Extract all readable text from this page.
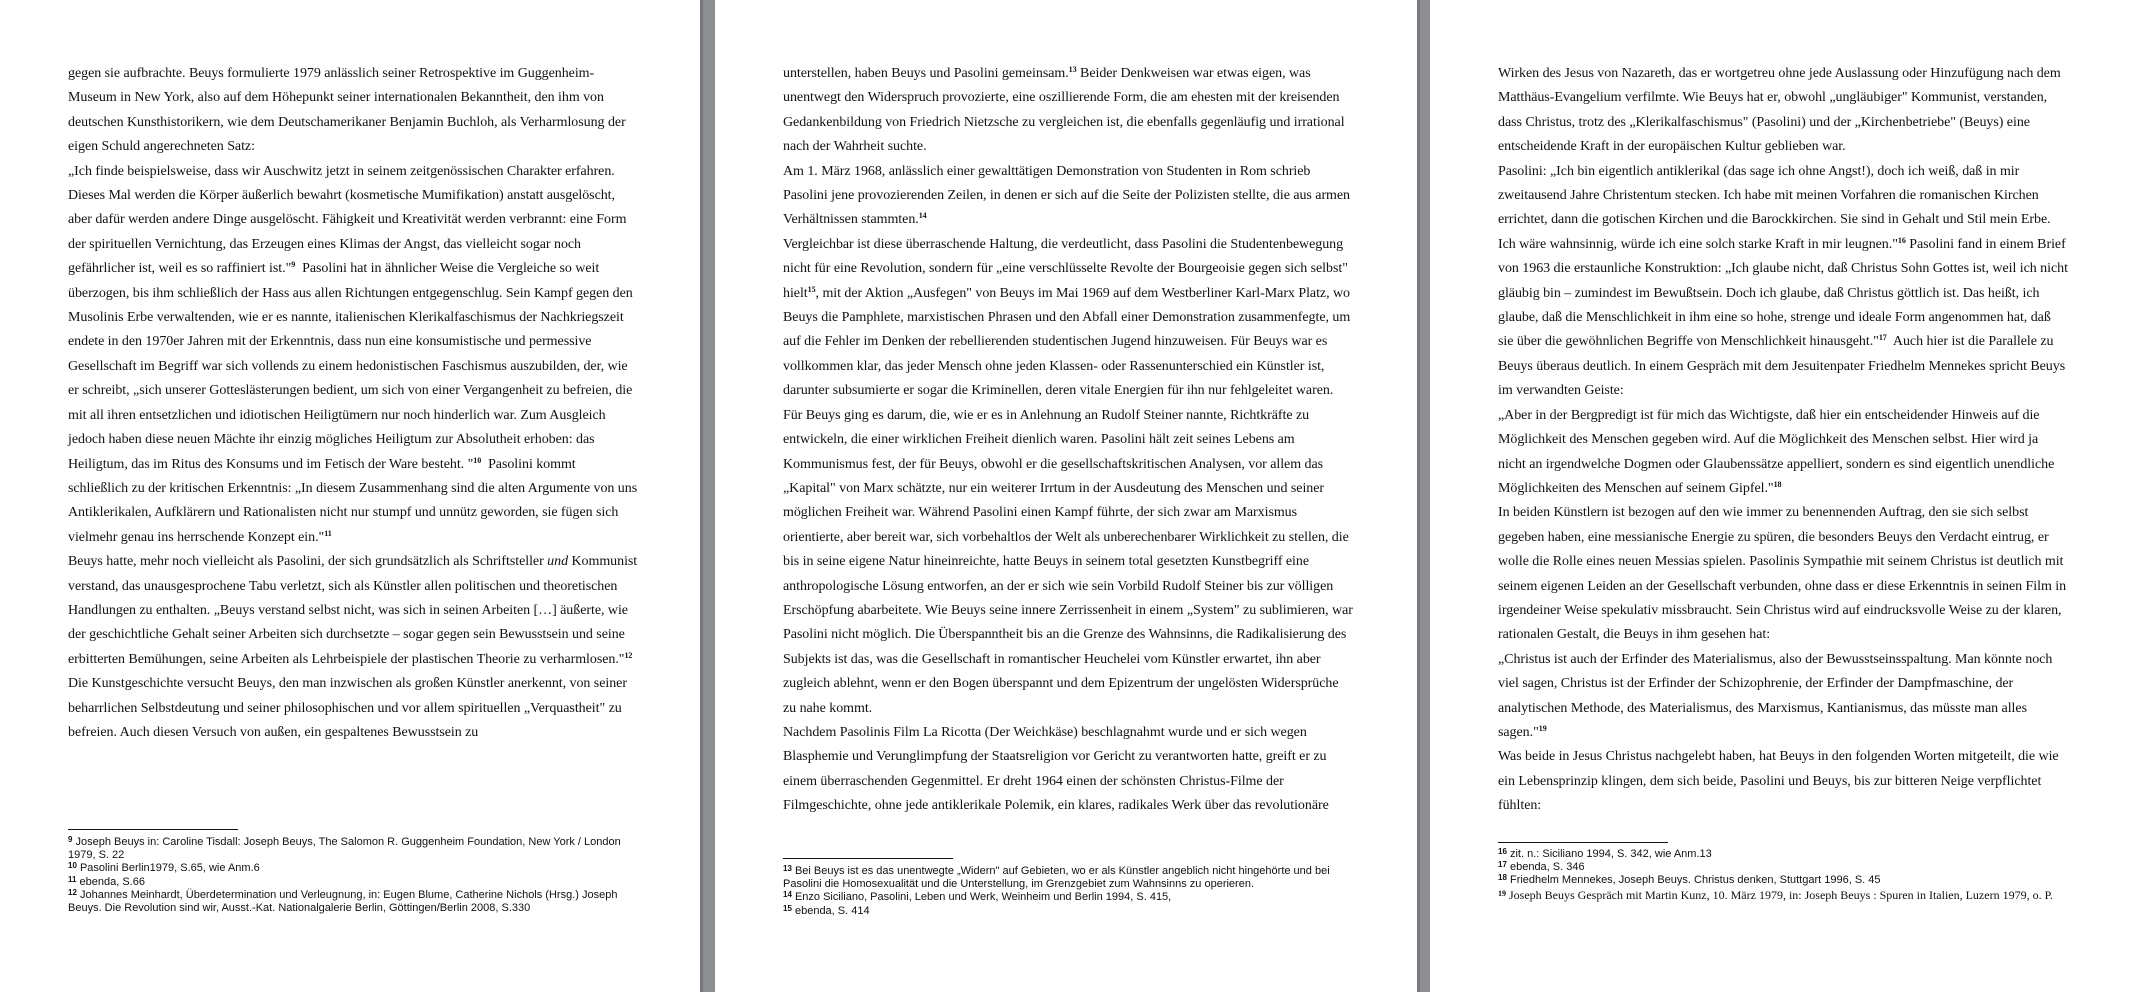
gegen sie aufbrachte. Beuys formulierte 1979 anlässlich seiner Retrospektive im Guggenheim-Museum in New York, also auf dem Höhepunkt seiner internationalen Bekanntheit, den ihm von deutschen Kunsthistorikern, wie dem Deutschamerikaner Benjamin Buchloh, als Verharmlosung der eigen Schuld angerechneten Satz:

„Ich finde beispielsweise, dass wir Auschwitz jetzt in seinem zeitgenössischen Charakter erfahren. Dieses Mal werden die Körper äußerlich bewahrt (kosmetische Mumifikation) anstatt ausgelöscht, aber dafür werden andere Dinge ausgelöscht. Fähigkeit und Kreativität werden verbrannt: eine Form der spirituellen Vernichtung, das Erzeugen eines Klimas der Angst, das vielleicht sogar noch gefährlicher ist, weil es so raffiniert ist."$^9$ Pasolini hat in ähnlicher Weise die Vergleiche so weit überzogen, bis ihm schließlich der Hass aus allen Richtungen entgegenschlug. Sein Kampf gegen den Musolinis Erbe verwaltenden, wie er es nannte, italienischen Klerikalfaschismus der Nachkriegszeit endete in den 1970er Jahren mit der Erkenntnis, dass nun eine konsumistische und permessive Gesellschaft im Begriff war sich vollends zu einem hedonistischen Faschismus auszubilden, der, wie er schreibt, „sich unserer Gotteslästerungen bedient, um sich von einer Vergangenheit zu befreien, die mit all ihren entsetzlichen und idiotischen Heiligtümern nur noch hinderlich war. Zum Ausgleich jedoch haben diese neuen Mächte ihr einzig mögliches Heiligtum zur Absolutheit erhoben: das Heiligtum, das im Ritus des Konsums und im Fetisch der Ware besteht. "$^{10}$ Pasolini kommt schließlich zu der kritischen Erkenntnis: „In diesem Zusammenhang sind die alten Argumente von uns Antiklerikalen, Aufklärern und Rationalisten nicht nur stumpf und unnütz geworden, sie fügen sich vielmehr genau ins herrschende Konzept ein."$^{11}$

Beuys hatte, mehr noch vielleicht als Pasolini, der sich grundsätzlich als Schriftsteller und Kommunist verstand, das unausgesprochene Tabu verletzt, sich als Künstler allen politischen und theoretischen Handlungen zu enthalten. „Beuys verstand selbst nicht, was sich in seinen Arbeiten […] äußerte, wie der geschichtliche Gehalt seiner Arbeiten sich durchsetzte – sogar gegen sein Bewusstsein und seine erbitterten Bemühungen, seine Arbeiten als Lehrbeispiele der plastischen Theorie zu verharmlosen."$^{12}$

Die Kunstgeschichte versucht Beuys, den man inzwischen als großen Künstler anerkennt, von seiner beharrlichen Selbstdeutung und seiner philosophischen und vor allem spirituellen „Verquastheit" zu befreien. Auch diesen Versuch von außen, ein gespaltenes Bewusstsein zu

$^9$ Joseph Beuys in: Caroline Tisdall: Joseph Beuys, The Salomon R. Guggenheim Foundation, New York / London 1979, S. 22

$^{10}$ Pasolini Berlin1979, S.65, wie Anm.6

$^{11}$ ebenda, S.66

$^{12}$ Johannes Meinhardt, Überdetermination und Verleugnung, in: Eugen Blume, Catherine Nichols (Hrsg.) Joseph Beuys. Die Revolution sind wir, Ausst.-Kat. Nationalgalerie Berlin, Göttingen/Berlin 2008, S.330

unterstellen, haben Beuys und Pasolini gemeinsam.$^{13}$ Beider Denkweisen war etwas eigen, was unentwegt den Widerspruch provozierte, eine oszillierende Form, die am ehesten mit der kreisenden Gedankenbildung von Friedrich Nietzsche zu vergleichen ist, die ebenfalls gegenläufig und irrational nach der Wahrheit suchte.

Am 1. März 1968, anlässlich einer gewalttätigen Demonstration von Studenten in Rom schrieb Pasolini jene provozierenden Zeilen, in denen er sich auf die Seite der Polizisten stellte, die aus armen Verhältnissen stammten.$^{14}$

Vergleichbar ist diese überraschende Haltung, die verdeutlicht, dass Pasolini die Studentenbewegung nicht für eine Revolution, sondern für „eine verschlüsselte Revolte der Bourgeoisie gegen sich selbst" hielt$^{15}$, mit der Aktion „Ausfegen" von Beuys im Mai 1969 auf dem Westberliner Karl-Marx Platz, wo Beuys die Pamphlete, marxistischen Phrasen und den Abfall einer Demonstration zusammenfegte, um auf die Fehler im Denken der rebellierenden studentischen Jugend hinzuweisen. Für Beuys war es vollkommen klar, das jeder Mensch ohne jeden Klassen- oder Rassenunterschied ein Künstler ist, darunter subsumierte er sogar die Kriminellen, deren vitale Energien für ihn nur fehlgeleitet waren. Für Beuys ging es darum, die, wie er es in Anlehnung an Rudolf Steiner nannte, Richtkräfte zu entwickeln, die einer wirklichen Freiheit dienlich waren. Pasolini hält zeit seines Lebens am Kommunismus fest, der für Beuys, obwohl er die gesellschaftskritischen Analysen, vor allem das „Kapital" von Marx schätzte, nur ein weiterer Irrtum in der Ausdeutung des Menschen und seiner möglichen Freiheit war. Während Pasolini einen Kampf führte, der sich zwar am Marxismus orientierte, aber bereit war, sich vorbehaltlos der Welt als unberechenbarer Wirklichkeit zu stellen, die bis in seine eigene Natur hineinreichte, hatte Beuys in seinem total gesetzten Kunstbegriff eine anthropologische Lösung entworfen, an der er sich wie sein Vorbild Rudolf Steiner bis zur völligen Erschöpfung abarbeitete. Wie Beuys seine innere Zerrissenheit in einem „System" zu sublimieren, war Pasolini nicht möglich. Die Überspanntheit bis an die Grenze des Wahnsinns, die Radikalisierung des Subjekts ist das, was die Gesellschaft in romantischer Heuchelei vom Künstler erwartet, ihn aber zugleich ablehnt, wenn er den Bogen überspannt und dem Epizentrum der ungelösten Widersprüche zu nahe kommt.

Nachdem Pasolinis Film La Ricotta (Der Weichkäse) beschlagnahmt wurde und er sich wegen Blasphemie und Verunglimpfung der Staatsreligion vor Gericht zu verantworten hatte, greift er zu einem überraschenden Gegenmittel. Er dreht 1964 einen der schönsten Christus-Filme der Filmgeschichte, ohne jede antiklerikale Polemik, ein klares, radikales Werk über das revolutionäre

$^{13}$ Bei Beuys ist es das unentwegte „Widern" auf Gebieten, wo er als Künstler angeblich nicht hingehörte und bei Pasolini die Homosexualität und die Unterstellung, im Grenzgebiet zum Wahnsinns zu operieren.

$^{14}$ Enzo Siciliano, Pasolini, Leben und Werk, Weinheim und Berlin 1994, S. 415,

$^{15}$ ebenda, S. 414

Wirken des Jesus von Nazareth, das er wortgetreu ohne jede Auslassung oder Hinzufügung nach dem Matthäus-Evangelium verfilmte. Wie Beuys hat er, obwohl „ungläubiger" Kommunist, verstanden, dass Christus, trotz des „Klerikalfaschismus" (Pasolini) und der „Kirchenbetriebe" (Beuys) eine entscheidende Kraft in der europäischen Kultur geblieben war.

Pasolini: „Ich bin eigentlich antiklerikal (das sage ich ohne Angst!), doch ich weiß, daß in mir zweitausend Jahre Christentum stecken. Ich habe mit meinen Vorfahren die romanischen Kirchen errichtet, dann die gotischen Kirchen und die Barockkirchen. Sie sind in Gehalt und Stil mein Erbe. Ich wäre wahnsinnig, würde ich eine solch starke Kraft in mir leugnen."$^{16}$ Pasolini fand in einem Brief von 1963 die erstaunliche Konstruktion: „Ich glaube nicht, daß Christus Sohn Gottes ist, weil ich nicht gläubig bin – zumindest im Bewußtsein. Doch ich glaube, daß Christus göttlich ist. Das heißt, ich glaube, daß die Menschlichkeit in ihm eine so hohe, strenge und ideale Form angenommen hat, daß sie über die gewöhnlichen Begriffe von Menschlichkeit hinausgeht."$^{17}$ Auch hier ist die Parallele zu Beuys überaus deutlich. In einem Gespräch mit dem Jesuitenpater Friedhelm Mennekes spricht Beuys im verwandten Geiste:

„Aber in der Bergpredigt ist für mich das Wichtigste, daß hier ein entscheidender Hinweis auf die Möglichkeit des Menschen gegeben wird. Auf die Möglichkeit des Menschen selbst. Hier wird ja nicht an irgendwelche Dogmen oder Glaubenssätze appelliert, sondern es sind eigentlich unendliche Möglichkeiten des Menschen auf seinem Gipfel."$^{18}$

In beiden Künstlern ist bezogen auf den wie immer zu benennenden Auftrag, den sie sich selbst gegeben haben, eine messianische Energie zu spüren, die besonders Beuys den Verdacht eintrug, er wolle die Rolle eines neuen Messias spielen. Pasolinis Sympathie mit seinem Christus ist deutlich mit seinem eigenen Leiden an der Gesellschaft verbunden, ohne dass er diese Erkenntnis in seinen Film in irgendeiner Weise spekulativ missbraucht. Sein Christus wird auf eindrucksvolle Weise zu der klaren, rationalen Gestalt, die Beuys in ihm gesehen hat:

„Christus ist auch der Erfinder des Materialismus, also der Bewusstseinsspaltung. Man könnte noch viel sagen, Christus ist der Erfinder der Schizophrenie, der Erfinder der Dampfmaschine, der analytischen Methode, des Materialismus, des Marxismus, Kantianismus, das müsste man alles sagen."$^{19}$

Was beide in Jesus Christus nachgelebt haben, hat Beuys in den folgenden Worten mitgeteilt, die wie ein Lebensprinzip klingen, dem sich beide, Pasolini und Beuys, bis zur bitteren Neige verpflichtet fühlten:

$^{16}$ zit. n.: Siciliano 1994, S. 342, wie Anm.13

$^{17}$ ebenda, S. 346

$^{18}$ Friedhelm Mennekes, Joseph Beuys. Christus denken, Stuttgart 1996, S. 45

$^{19}$ Joseph Beuys Gespräch mit Martin Kunz, 10. März 1979, in: Joseph Beuys : Spuren in Italien, Luzern 1979, o. P.
